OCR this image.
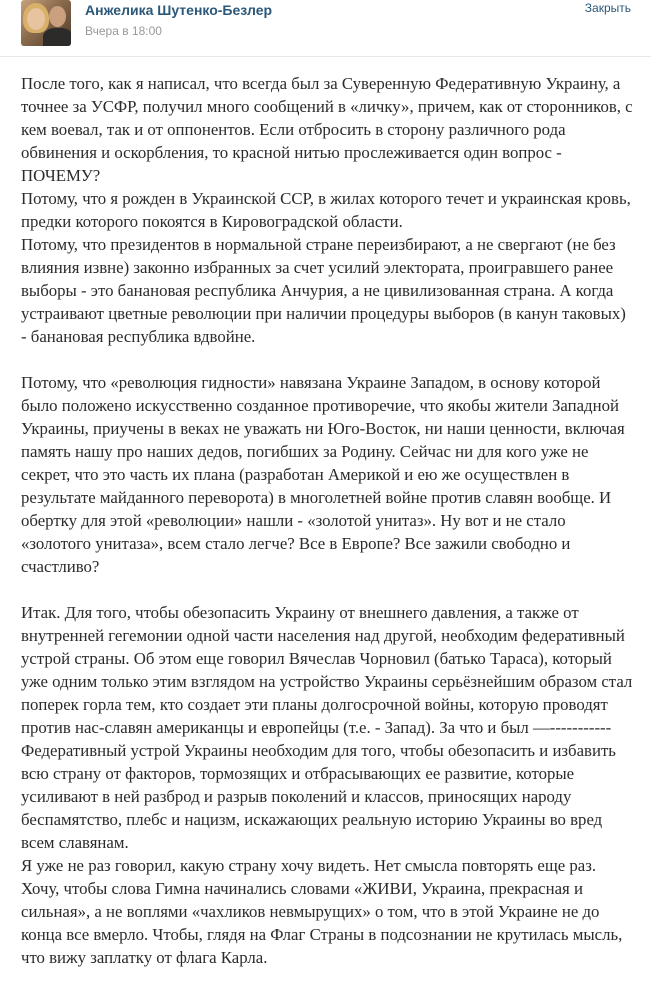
Анжелика Шутенко-Безлер
Вчера в 18:00
Закрыть

После того, как я написал, что всегда был за Суверенную Федеративную Украину, а точнее за УСФР, получил много сообщений в «личку», причем, как от сторонников, с кем воевал, так и от оппонентов. Если отбросить в сторону различного рода обвинения и оскорбления, то красной нитью прослеживается один вопрос - ПОЧЕМУ?

Потому, что я рожден в Украинской ССР, в жилах которого течет и украинская кровь, предки которого покоятся в Кировоградской области.

Потому, что президентов в нормальной стране переизбирают, а не свергают (не без влияния извне) законно избранных за счет усилий электората, проигравшего ранее выборы - это банановая республика Анчурия, а не цивилизованная страна. А когда устраивают цветные революции при наличии процедуры выборов (в канун таковых) - банановая республика вдвойне.

Потому, что «революция гидности» навязана Украине Западом, в основу которой было положено искусственно созданное противоречие, что якобы жители Западной Украины, приучены в веках не уважать ни Юго-Восток, ни наши ценности, включая память нашу про наших дедов, погибших за Родину. Сейчас ни для кого уже не секрет, что это часть их плана (разработан Америкой и ею же осуществлен в результате майданного переворота) в многолетней войне против славян вообще. И обертку для этой «революции» нашли - «золотой унитаз». Ну вот и не стало «золотого унитаза», всем стало легче? Все в Европе? Все зажили свободно и счастливо?

Итак. Для того, чтобы обезопасить Украину от внешнего давления, а также от внутренней гегемонии одной части населения над другой, необходим федеративный устрой страны. Об этом еще говорил Вячеслав Чорновил (батько Тараса), который уже одним только этим взглядом на устройство Украины серьёзнейшим образом стал поперек горла тем, кто создает эти планы долгосрочной войны, которую проводят против нас-славян американцы и европейцы (т.е. - Запад). За что и был —-----------

Федеративный устрой Украины необходим для того, чтобы обезопасить и избавить всю страну от факторов, тормозящих и отбрасывающих ее развитие, которые усиливают в ней разброд и разрыв поколений и классов, приносящих народу беспамятство, плебс и нацизм, искажающих реальную историю Украины во вред всем славянам.

Я уже не раз говорил, какую страну хочу видеть. Нет смысла повторять еще раз. Хочу, чтобы слова Гимна начинались словами «ЖИВИ, Украина, прекрасная и сильная», а не воплями «чахликов невмырущих» о том, что в этой Украине не до конца все вмерло. Чтобы, глядя на Флаг Страны в подсознании не крутилась мысль, что вижу заплатку от флага Карла.
